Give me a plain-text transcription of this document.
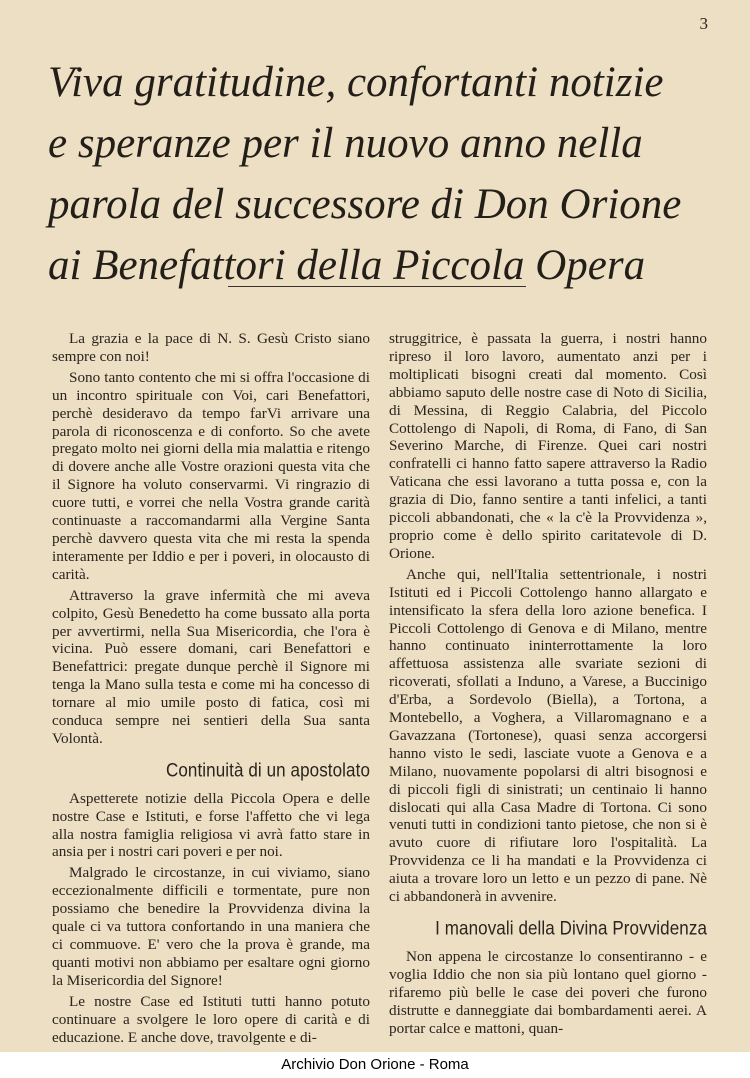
3
Viva gratitudine, confortanti notizie
e speranze per il nuovo anno nella
parola del successore di Don Orione
ai Benefattori della Piccola Opera

La grazia e la pace di N. S. Gesù Cristo siano sempre con noi!

Sono tanto contento che mi si offra l'occasione di un incontro spirituale con Voi, cari Benefattori, perchè desideravo da tempo farVi arrivare una parola di riconoscenza e di conforto. So che avete pregato molto nei giorni della mia malattia e ritengo di dovere anche alle Vostre orazioni questa vita che il Signore ha voluto conservarmi. Vi ringrazio di cuore tutti, e vorrei che nella Vostra grande carità continuaste a raccomandarmi alla Vergine Santa perchè davvero questa vita che mi resta la spenda interamente per Iddio e per i poveri, in olocausto di carità.

Attraverso la grave infermità che mi aveva colpito, Gesù Benedetto ha come bussato alla porta per avvertirmi, nella Sua Misericordia, che l'ora è vicina. Può essere domani, cari Benefattori e Benefattrici: pregate dunque perchè il Signore mi tenga la Mano sulla testa e come mi ha concesso di tornare al mio umile posto di fatica, così mi conduca sempre nei sentieri della Sua santa Volontà.

Continuità di un apostolato

Aspetterete notizie della Piccola Opera e delle nostre Case e Istituti, e forse l'affetto che vi lega alla nostra famiglia religiosa vi avrà fatto stare in ansia per i nostri cari poveri e per noi.

Malgrado le circostanze, in cui viviamo, siano eccezionalmente difficili e tormentate, pure non possiamo che benedire la Provvidenza divina la quale ci va tuttora confortando in una maniera che ci commuove. E' vero che la prova è grande, ma quanti motivi non abbiamo per esaltare ogni giorno la Misericordia del Signore!

Le nostre Case ed Istituti tutti hanno potuto continuare a svolgere le loro opere di carità e di educazione. E anche dove, travolgente e di-

struggitrice, è passata la guerra, i nostri hanno ripreso il loro lavoro, aumentato anzi per i moltiplicati bisogni creati dal momento. Così abbiamo saputo delle nostre case di Noto di Sicilia, di Messina, di Reggio Calabria, del Piccolo Cottolengo di Napoli, di Roma, di Fano, di San Severino Marche, di Firenze. Quei cari nostri confratelli ci hanno fatto sapere attraverso la Radio Vaticana che essi lavorano a tutta possa e, con la grazia di Dio, fanno sentire a tanti infelici, a tanti piccoli abbandonati, che « la c'è la Provvidenza », proprio come è dello spirito caritatevole di D. Orione.

Anche qui, nell'Italia settentrionale, i nostri Istituti ed i Piccoli Cottolengo hanno allargato e intensificato la sfera della loro azione benefica. I Piccoli Cottolengo di Genova e di Milano, mentre hanno continuato ininterrottamente la loro affettuosa assistenza alle svariate sezioni di ricoverati, sfollati a Induno, a Varese, a Buccinigo d'Erba, a Sordevolo (Biella), a Tortona, a Montebello, a Voghera, a Villaromagnano e a Gavazzana (Tortonese), quasi senza accorgersi hanno visto le sedi, lasciate vuote a Genova e a Milano, nuovamente popolarsi di altri bisognosi e di piccoli figli di sinistrati; un centinaio li hanno dislocati qui alla Casa Madre di Tortona. Ci sono venuti tutti in condizioni tanto pietose, che non si è avuto cuore di rifiutare loro l'ospitalità. La Provvidenza ce li ha mandati e la Provvidenza ci aiuta a trovare loro un letto e un pezzo di pane. Nè ci abbandonerà in avvenire.

I manovali della Divina Provvidenza

Non appena le circostanze lo consentiranno - e voglia Iddio che non sia più lontano quel giorno - rifaremo più belle le case dei poveri che furono distrutte e danneggiate dai bombardamenti aerei. A portar calce e mattoni, quan-

Archivio Don Orione - Roma
